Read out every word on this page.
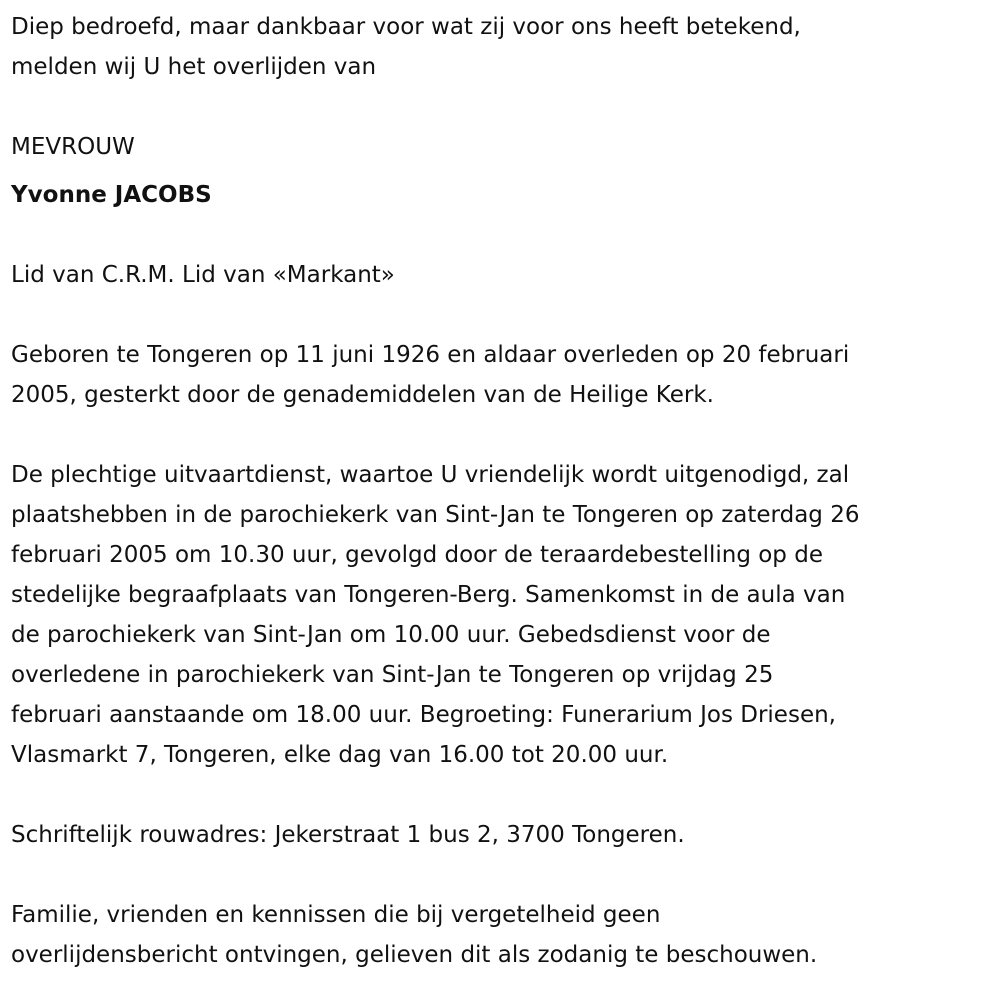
Diep bedroefd, maar dankbaar voor wat zij voor ons heeft betekend,
melden wij U het overlijden van
MEVROUW
Yvonne JACOBS
Lid van C.R.M. Lid van «Markant»
Geboren te Tongeren op 11 juni 1926 en aldaar overleden op 20 februari
2005, gesterkt door de genademiddelen van de Heilige Kerk.
De plechtige uitvaartdienst, waartoe U vriendelijk wordt uitgenodigd, zal
plaatshebben in de parochiekerk van Sint-Jan te Tongeren op zaterdag 26
februari 2005 om 10.30 uur, gevolgd door de teraardebestelling op de
stedelijke begraafplaats van Tongeren-Berg. Samenkomst in de aula van
de parochiekerk van Sint-Jan om 10.00 uur. Gebedsdienst voor de
overledene in parochiekerk van Sint-Jan te Tongeren op vrijdag 25
februari aanstaande om 18.00 uur. Begroeting: Funerarium Jos Driesen,
Vlasmarkt 7, Tongeren, elke dag van 16.00 tot 20.00 uur.
Schriftelijk rouwadres: Jekerstraat 1 bus 2, 3700 Tongeren.
Familie, vrienden en kennissen die bij vergetelheid geen
overlijdensbericht ontvingen, gelieven dit als zodanig te beschouwen.
